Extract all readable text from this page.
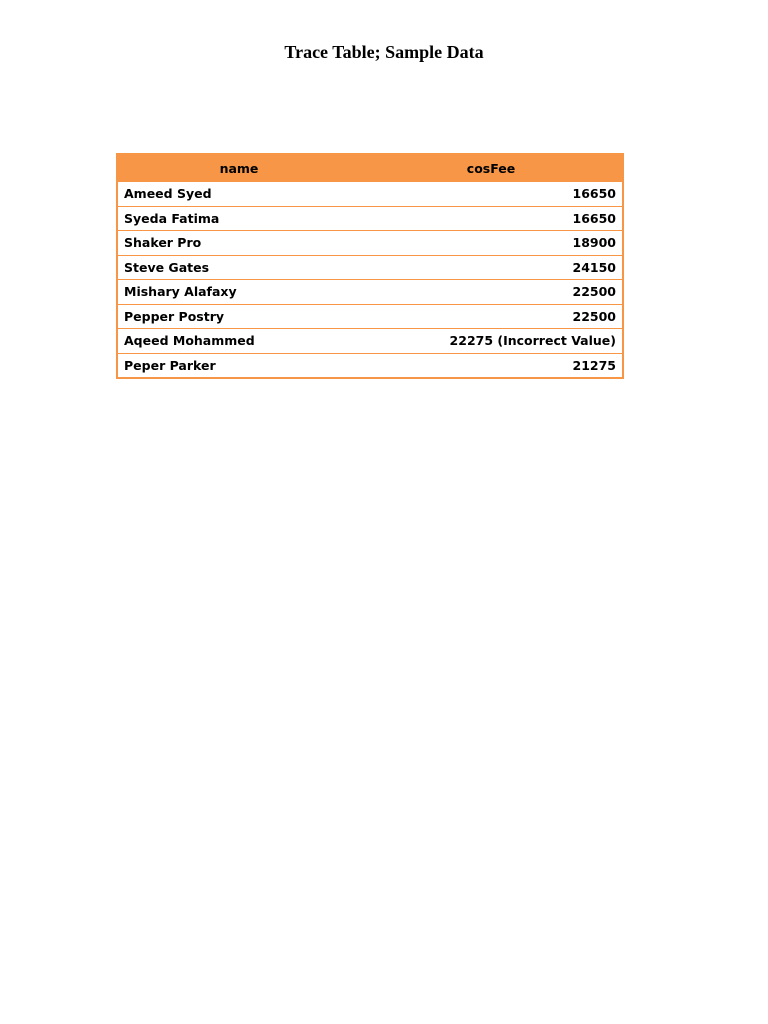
Trace Table; Sample Data
name	cosFee
Ameed Syed	16650
Syeda Fatima	16650
Shaker Pro	18900
Steve Gates	24150
Mishary Alafaxy	22500
Pepper Postry	22500
Aqeed Mohammed	22275 (Incorrect Value)
Peper Parker	21275
